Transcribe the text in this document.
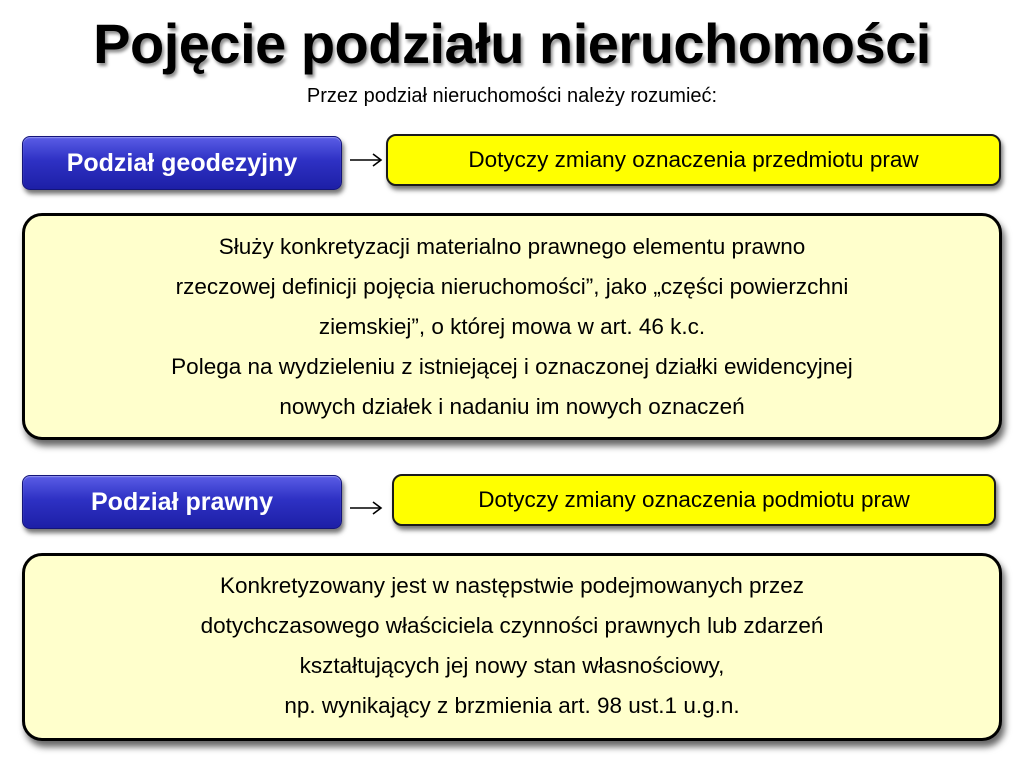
Pojęcie podziału nieruchomości
Przez podział nieruchomości należy rozumieć:
Podział geodezyjny	Dotyczy zmiany oznaczenia przedmiotu praw

Służy konkretyzacji materialno prawnego elementu prawno

rzeczowej definicji pojęcia nieruchomości”, jako „części powierzchni

ziemskiej”, o której mowa w art. 46 k.c.

Polega na wydzieleniu z istniejącej i oznaczonej działki ewidencyjnej

nowych działek i nadaniu im nowych oznaczeń

Podział prawny	Dotyczy zmiany oznaczenia podmiotu praw

Konkretyzowany jest w następstwie podejmowanych przez

dotychczasowego właściciela czynności prawnych lub zdarzeń

kształtujących jej nowy stan własnościowy,

np. wynikający z brzmienia art. 98 ust.1 u.g.n.
